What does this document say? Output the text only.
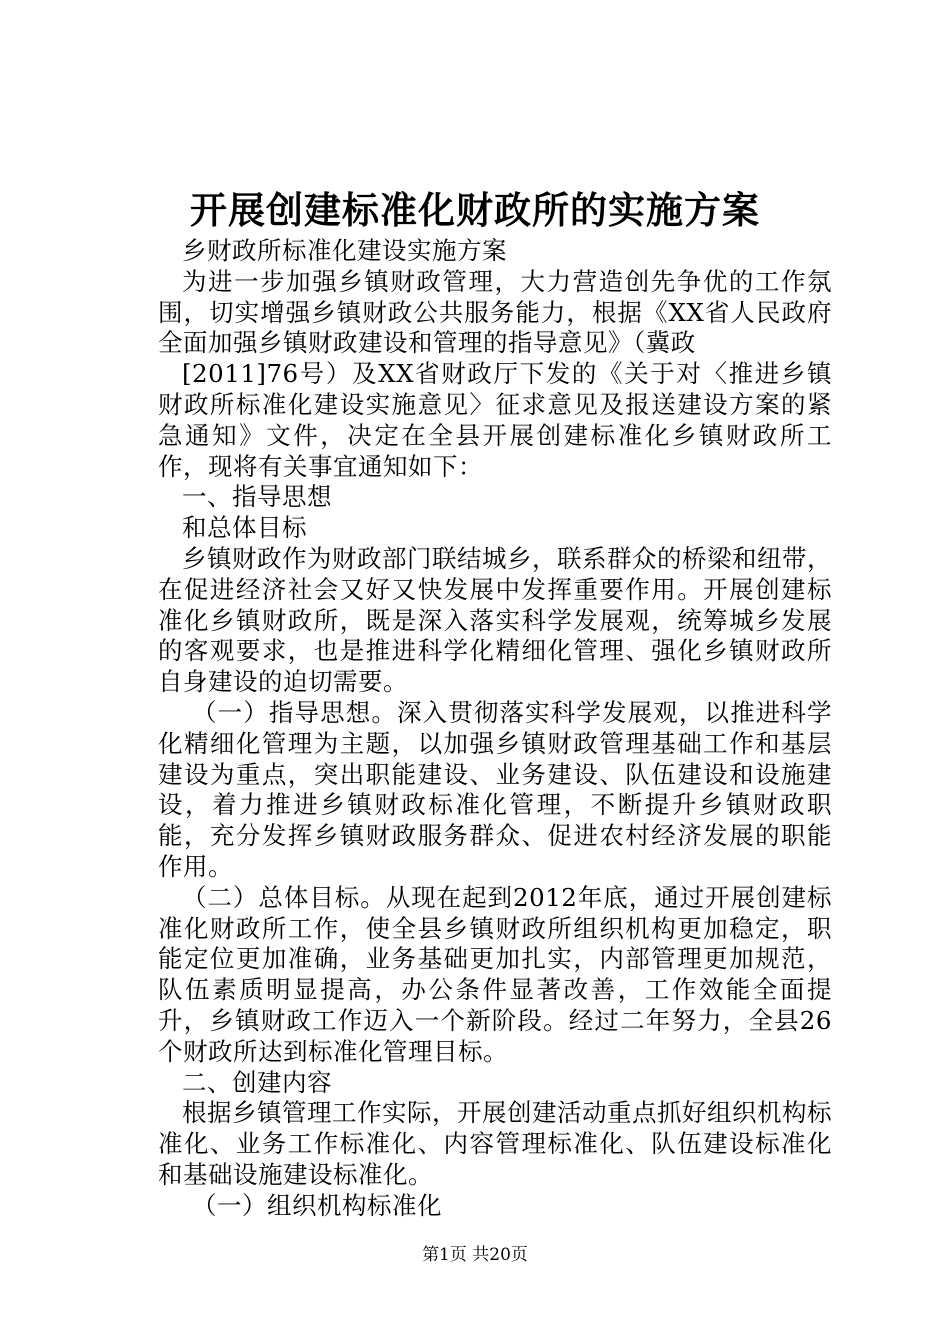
开展创建标准化财政所的实施方案

乡财政所标准化建设实施方案

为进一步加强乡镇财政管理，大力营造创先争优的工作氛围，切实增强乡镇财政公共服务能力，根据《XX省人民政府全面加强乡镇财政建设和管理的指导意见》（冀政

[2011]76号）及XX省财政厅下发的《关于对〈推进乡镇财政所标准化建设实施意见〉征求意见及报送建设方案的紧急通知》文件，决定在全县开展创建标准化乡镇财政所工作，现将有关事宜通知如下：

一、指导思想

和总体目标

乡镇财政作为财政部门联结城乡，联系群众的桥梁和纽带，在促进经济社会又好又快发展中发挥重要作用。开展创建标准化乡镇财政所，既是深入落实科学发展观，统筹城乡发展的客观要求，也是推进科学化精细化管理、强化乡镇财政所自身建设的迫切需要。

（一）指导思想。深入贯彻落实科学发展观，以推进科学化精细化管理为主题，以加强乡镇财政管理基础工作和基层建设为重点，突出职能建设、业务建设、队伍建设和设施建设，着力推进乡镇财政标准化管理，不断提升乡镇财政职能，充分发挥乡镇财政服务群众、促进农村经济发展的职能作用。

（二）总体目标。从现在起到2012年底，通过开展创建标准化财政所工作，使全县乡镇财政所组织机构更加稳定，职能定位更加准确，业务基础更加扎实，内部管理更加规范，队伍素质明显提高，办公条件显著改善，工作效能全面提升，乡镇财政工作迈入一个新阶段。经过二年努力，全县26个财政所达到标准化管理目标。

二、创建内容

根据乡镇管理工作实际，开展创建活动重点抓好组织机构标准化、业务工作标准化、内容管理标准化、队伍建设标准化和基础设施建设标准化。

（一）组织机构标准化

第1页 共20页
